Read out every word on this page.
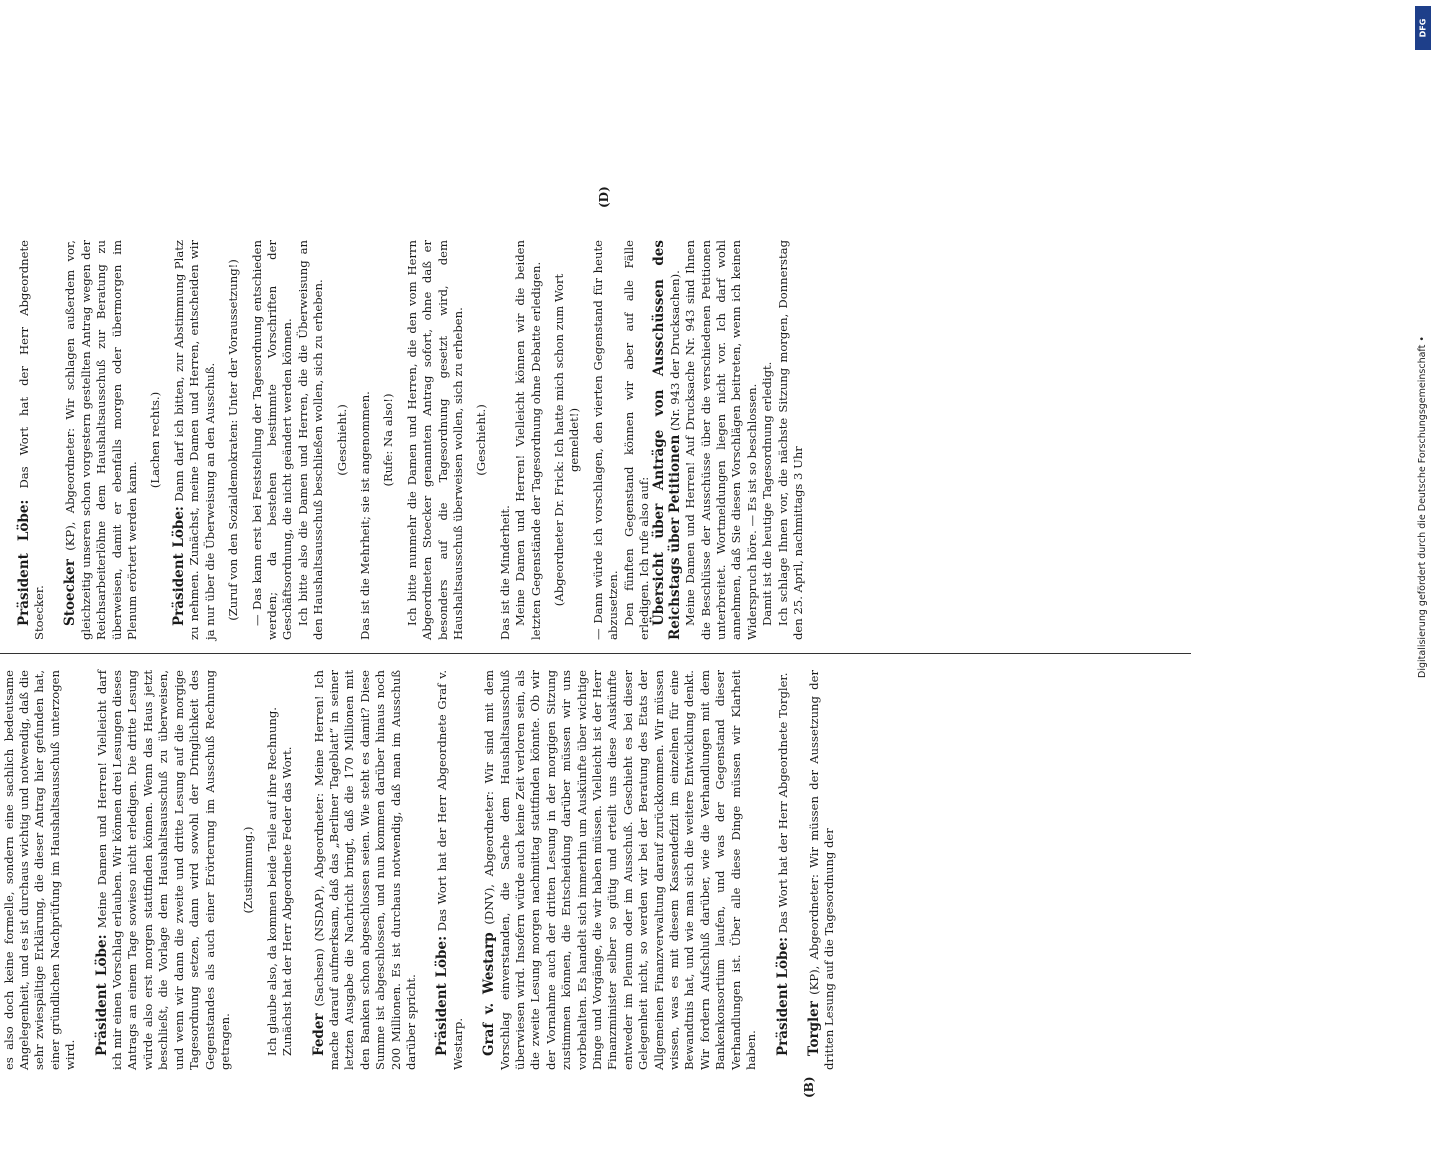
(B)
(D)

es also doch keine formelle, sondern eine sachlich bedeutsame Angelegenheit, und es ist durchaus wichtig und notwendig, daß die sehr zwiespältige Erklärung, die dieser Antrag hier gefunden hat, einer gründlichen Nachprüfung im Haushaltsausschuß unterzogen wird. Präsident Löbe: Meine Damen und Herren! Vielleicht darf ich mir einen Vorschlag erlauben. Wir können drei Lesungen dieses Antrags an einem Tage sowieso nicht erledigen. Die dritte Lesung würde also erst morgen stattfinden können. Wenn das Haus jetzt beschließt, die Vorlage dem Haushaltsausschuß zu überweisen, und wenn wir dann die zweite und dritte Lesung auf die morgige Tagesordnung setzen, dann wird sowohl der Dringlichkeit des Gegenstandes als auch einer Erörterung im Ausschuß Rechnung getragen.

(Zustimmung.) Ich glaube also, da kommen beide Teile auf ihre Rechnung. Zunächst hat der Herr Abgeordnete Feder das Wort. Feder (Sachsen) (NSDAP), Abgeordneter: Meine Herren! Ich mache darauf aufmerksam, daß das „Berliner Tageblatt“ in seiner letzten Ausgabe die Nachricht bringt, daß die 170 Millionen mit den Banken schon abgeschlossen seien. Wie steht es damit? Diese Summe ist abgeschlossen, und nun kommen darüber hinaus noch 200 Millionen. Es ist durchaus notwendig, daß man im Ausschuß darüber spricht. Präsident Löbe: Das Wort hat der Herr Abgeordnete Graf v. Westarp. Graf v. Westarp (DNV), Abgeordneter: Wir sind mit dem Vorschlag einverstanden, die Sache dem Haushaltsausschuß überwiesen wird. Insofern würde auch keine Zeit verloren sein, als die zweite Lesung morgen nachmittag stattfinden könnte. Ob wir der Vornahme auch der dritten Lesung in der morgigen Sitzung zustimmen können, die Entscheidung darüber müssen wir uns vorbehalten. Es handelt sich immerhin um Auskünfte über wichtige Dinge und Vorgänge, die wir haben müssen. Vielleicht ist der Herr Finanzminister selber so gütig und erteilt uns diese Auskünfte entweder im Plenum oder im Ausschuß. Geschieht es bei dieser Gelegenheit nicht, so werden wir bei der Beratung des Etats der Allgemeinen Finanzverwaltung darauf zurückkommen. Wir müssen wissen, was es mit diesem Kassendefizit im einzelnen für eine Bewandtnis hat, und wie man sich die weitere Entwicklung denkt. Wir fordern Aufschluß darüber, wie die Verhandlungen mit dem Bankenkonsortium laufen, und was der Gegenstand dieser Verhandlungen ist. Über alle diese Dinge müssen wir Klarheit haben. Präsident Löbe: Das Wort hat der Herr Abgeordnete Torgler.

Torgler (KP), Abgeordneter: Wir müssen der Aussetzung der dritten Lesung auf die Tagesordnung der

Präsident Löbe: Das Wort hat der Herr Abgeordnete Stoecker. Stoecker (KP), Abgeordneter: Wir schlagen außerdem vor, gleichzeitig unseren schon vorgestern gestellten Antrag wegen der Reichsarbeiterlöhne dem Haushaltsausschuß zur Beratung zu überweisen, damit er ebenfalls morgen oder übermorgen im Plenum erörtert werden kann.

(Lachen rechts.)

Präsident Löbe: Dann darf ich bitten, zur Abstimmung Platz zu nehmen. Zunächst, meine Damen und Herren, entscheiden wir ja nur über die Überweisung an den Ausschuß. (Zuruf von den Sozialdemokraten: Unter der Voraussetzung!) — Das kann erst bei Feststellung der Tagesordnung entschieden werden; da bestehen bestimmte Vorschriften der Geschäftsordnung, die nicht geändert werden können. Ich bitte also die Damen und Herren, die die Überweisung an den Haushaltsausschuß beschließen wollen, sich zu erheben. (Geschieht.) Das ist die Mehrheit; sie ist angenommen. (Rufe: Na also!) Ich bitte nunmehr die Damen und Herren, die den vom Herrn Abgeordneten Stoecker genannten Antrag sofort, ohne daß er besonders auf die Tagesordnung gesetzt wird, dem Haushaltsausschuß überweisen wollen, sich zu erheben. (Geschieht.)

Das ist die Minderheit. Meine Damen und Herren! Vielleicht können wir die beiden letzten Gegenstände der Tagesordnung ohne Debatte erledigen. (Abgeordneter Dr. Frick: Ich hatte mich schon zum Wort gemeldet!) — Dann würde ich vorschlagen, den vierten Gegenstand für heute abzusetzen. Den fünften Gegenstand können wir aber auf alle Fälle erledigen. Ich rufe also auf: Übersicht über Anträge von Ausschüssen des Reichstags über Petitionen (Nr. 943 der Drucksachen). Meine Damen und Herren! Auf Drucksache Nr. 943 sind Ihnen die Beschlüsse der Ausschüsse über die verschiedenen Petitionen unterbreitet. Wortmeldungen liegen nicht vor. Ich darf wohl annehmen, daß Sie diesen Vorschlägen beitreten, wenn ich keinen Widerspruch höre. — Es ist so beschlossen. Damit ist die heutige Tagesordnung erledigt. Ich schlage Ihnen vor, die nächste Sitzung morgen, Donnerstag den 25. April, nachmittags 3 Uhr	Digitalisierung gefördert durch die Deutsche Forschungsgemeinschaft •
DFG
